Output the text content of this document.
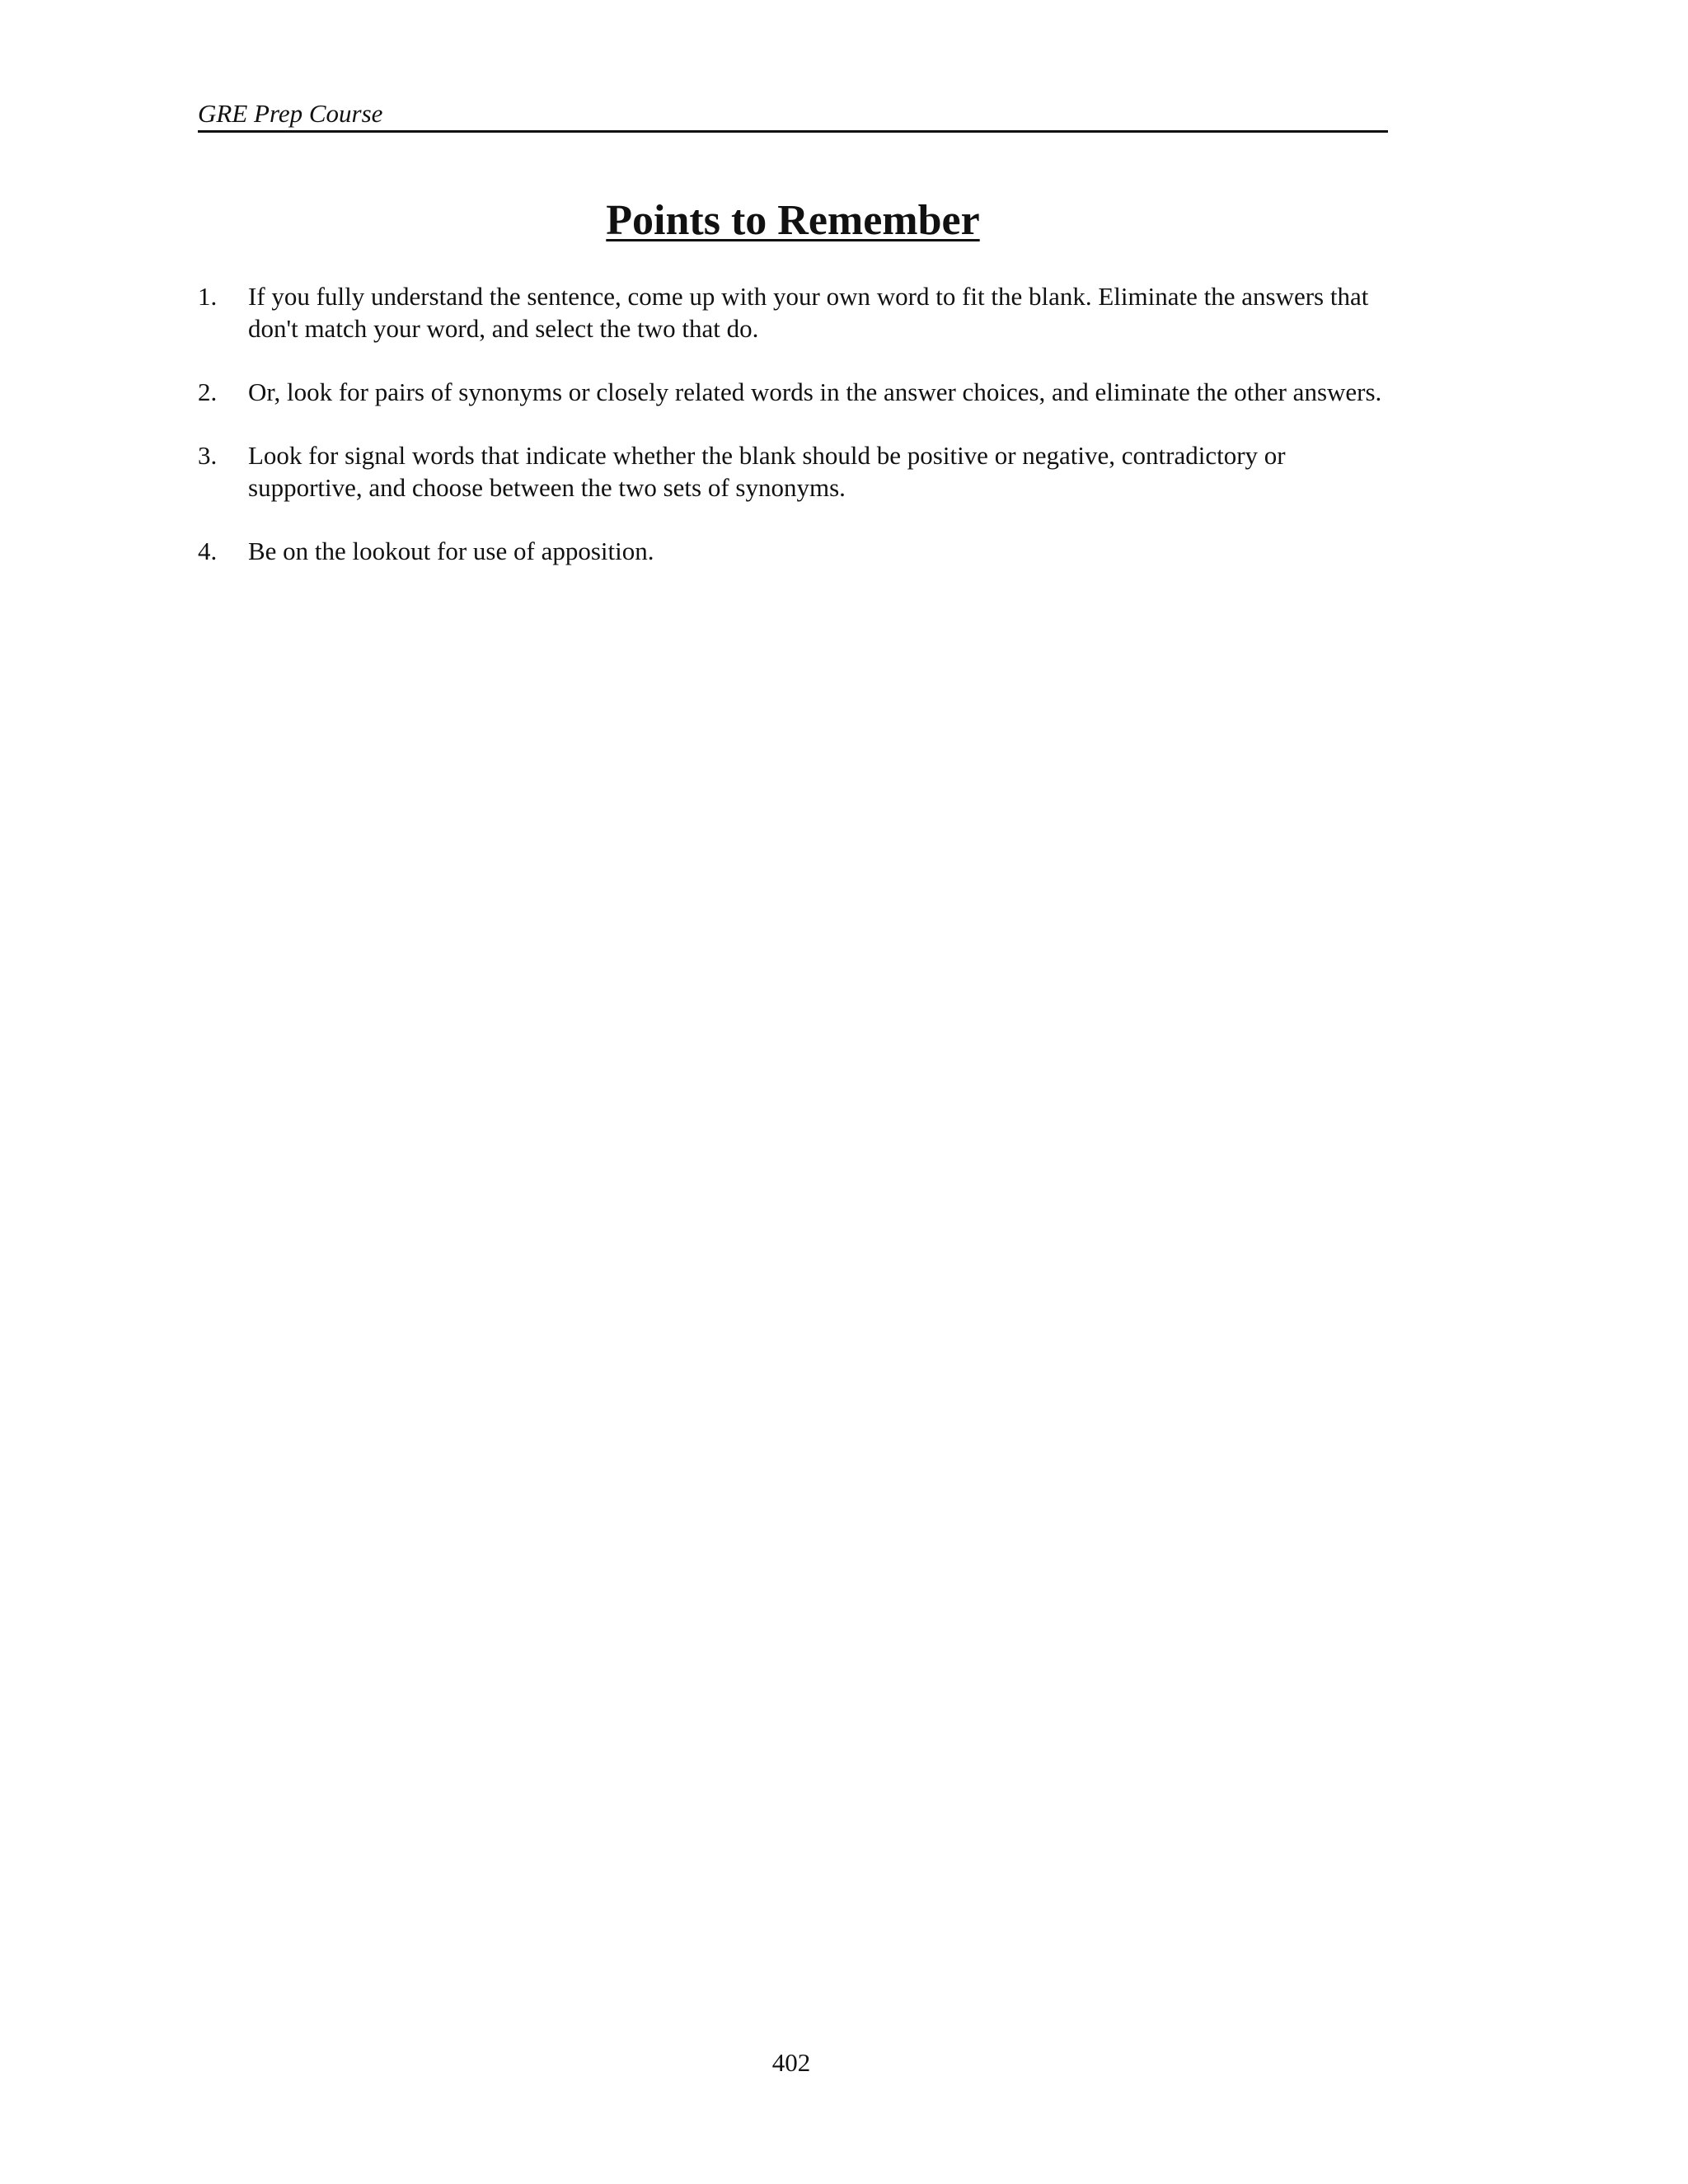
GRE Prep Course
Points to Remember
1. If you fully understand the sentence, come up with your own word to fit the blank. Eliminate the answers that don't match your word, and select the two that do.
2. Or, look for pairs of synonyms or closely related words in the answer choices, and eliminate the other answers.
3. Look for signal words that indicate whether the blank should be positive or negative, contradictory or supportive, and choose between the two sets of synonyms.
4. Be on the lookout for use of apposition.
402
